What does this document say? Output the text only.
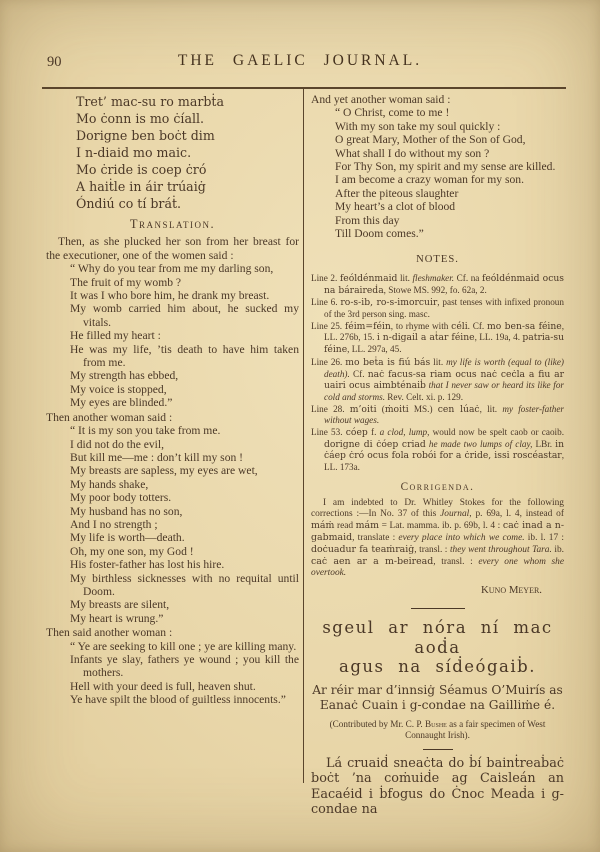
90	THE GAELIC JOURNAL.
Tret’ mac-su ro marbṫa
Mo ċonn is mo ċíall.
Dorigne ben boċt dim
I n-diaid mo maic.
Mo ċride is coep ċró
A haiṫle in áir trúaiġ
Óndiú co tí bráṫ.
Translation.
Then, as she plucked her son from her breast for the executioner, one of the women said :
“ Why do you tear from me my darling son,
The fruit of my womb ?
It was I who bore him, he drank my breast.
My womb carried him about, he sucked my vitals.
He filled my heart :
He was my life, ’tis death to have him taken from me.
My strength has ebbed,
My voice is stopped,
My eyes are blinded.”
Then another woman said :
“ It is my son you take from me.
I did not do the evil,
But kill me—me : don’t kill my son !
My breasts are sapless, my eyes are wet,
My hands shake,
My poor body totters.
My husband has no son,
And I no strength ;
My life is worth—death.
Oh, my one son, my God !
His foster-father has lost his hire.
My birthless sicknesses with no requital until Doom.
My breasts are silent,
My heart is wrung.”
Then said another woman :
“ Ye are seeking to kill one ; ye are killing many.
Infants ye slay, fathers ye wound ; you kill the mothers.
Hell with your deed is full, heaven shut.
Ye have spilt the blood of guiltless innocents.”
And yet another woman said :
“ O Christ, come to me !
With my son take my soul quickly :
O great Mary, Mother of the Son of God,
What shall I do without my son ?
For Thy Son, my spirit and my sense are killed.
I am become a crazy woman for my son.
After the piteous slaughter
My heart’s a clot of blood
From this day
Till Doom comes.”
NOTES.
Line 2. feóldénmaid lit. fleshmaker. Cf. na feóldénmaid ocus na báraireḋa, Stowe MS. 992, fo. 62a, 2.
Line 6. ro-s-ib, ro-s-imorcuir, past tenses with infixed pronoun of the 3rd person sing. masc.
Line 25. féim=féin, to rhyme with céli. Cf. mo ben-sa féine, LL. 276b, 15. i n-digail a aṫar féine, LL. 19a, 4. patria-su féine, LL. 297a, 45.
Line 26. mo beṫa is fiú bás lit. my life is worth (equal to (like) death). Cf. naċ facus-sa riam ocus naċ ceċla a fiu ar uairi ocus aimbténaiḃ that I never saw or heard its like for cold and storms. Rev. Celt. xi. p. 129.
Line 28. m’oiti (ṁoiti MS.) cen lúaċ, lit. my foster-father without wages.
Line 53. cóep f. a clod, lump, would now be spelt caob or caoib. dorigne di ċóep criad he made two lumps of clay, LBr. in ċáep ċró ocus fola robói for a ċride, issi roscéastar, LL. 173a.
Corrigenda.
I am indebted to Dr. Whitley Stokes for the following corrections :—In No. 37 of this Journal, p. 69a, l. 4, instead of máṁ read mám = Lat. mamma. ib. p. 69b, l. 4 : caċ inad a n-gabmaid, translate : every place into which we come. ib. l. 17 : doċuadur fa teaṁraiġ, transl. : they went throughout Tara. ib. caċ aen ar a m-beiread, transl. : every one whom she overtook.
Kuno Meyer.
sgeul ar nóra ní mac aoḋa
agus na síḋeógaiḃ.
Ar réir mar d’innsiġ Séamus O’Muirís as Eanaċ Cuain i g-condae na Gailliṁe é.
(Contributed by Mr. C. P. Bushe as a fair specimen of West Connaught Irish).
Lá cruaiḋ sneaċta do ḃí bainṫreaḃaċ boċt ’na coṁuiḋe ag Caisleán an Eacaéid i ḃfogus do Ċnoc Meaḋa i g-condae na
